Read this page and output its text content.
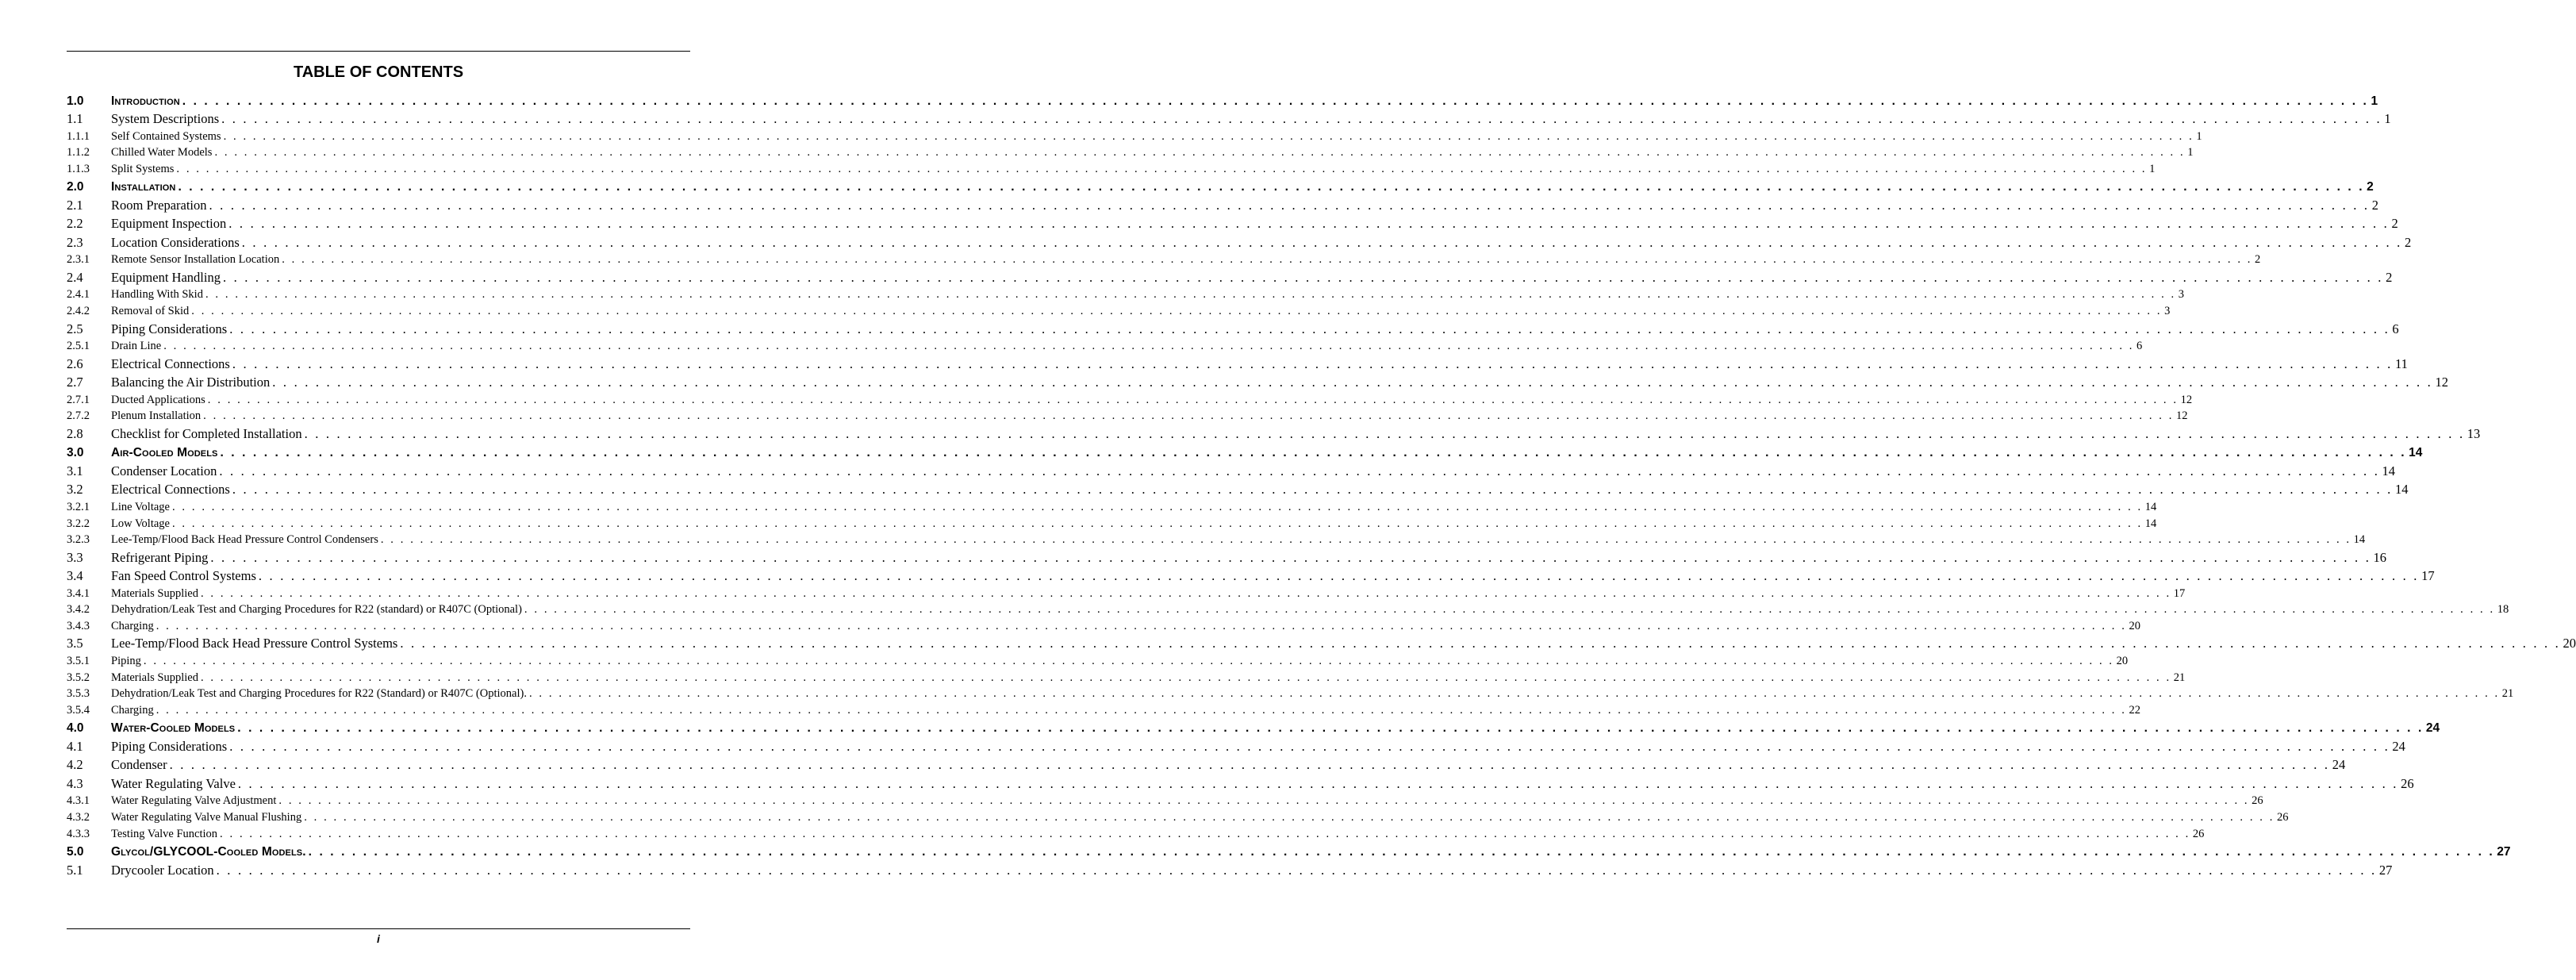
TABLE OF CONTENTS
1.0	Introduction . . . . . . . . . . . . . . . . . . . . . . . . . . . . . . . . . . . . . . . . . . . . . . . . . . . . . . . . . . . . . . . . . . . . . . . . . . . . . . . . . . . . . . . . . . . . . . . . . . . . . . . . . . . . . . . . . . . . . . . . . . . . . . . . . . . . . . . . . . . . . . . . . . . . . . . . . . . . . . . . . . . . . . . . . . . . . . . . . . . . . . . . . . . . . . . . . . . . . . . . 1
1.1	System Descriptions . . . . . . . . . . . . . . . . . . . . . . . . . . . . . . . . . . . . . . . . . . . . . . . . . . . . . . . . . . . . . . . . . . . . . . . . . . . . . . . . . . . . . . . . . . . . . . . . . . . . . . . . . . . . . . . . . . . . . . . . . . . . . . . . . . . . . . . . . . . . . . . . . . . . . . . . . . . . . . . . . . . . . . . . . . . . . . . . . . . . . . . . . . . . . . . . . . . . . . . . 1
1.1.1	Self Contained Systems . . . . . . . . . . . . . . . . . . . . . . . . . . . . . . . . . . . . . . . . . . . . . . . . . . . . . . . . . . . . . . . . . . . . . . . . . . . . . . . . . . . . . . . . . . . . . . . . . . . . . . . . . . . . . . . . . . . . . . . . . . . . . . . . . . . . . . . . . . . . . . . . . . . . . . . . . . . . . . . . . . . . . . . . . . . . . . . . . . . . . . . . . . . . . . . . . . . . . . . . 1
1.1.2	Chilled Water Models . . . . . . . . . . . . . . . . . . . . . . . . . . . . . . . . . . . . . . . . . . . . . . . . . . . . . . . . . . . . . . . . . . . . . . . . . . . . . . . . . . . . . . . . . . . . . . . . . . . . . . . . . . . . . . . . . . . . . . . . . . . . . . . . . . . . . . . . . . . . . . . . . . . . . . . . . . . . . . . . . . . . . . . . . . . . . . . . . . . . . . . . . . . . . . . . . . . . . . . . 1
1.1.3	Split Systems . . . . . . . . . . . . . . . . . . . . . . . . . . . . . . . . . . . . . . . . . . . . . . . . . . . . . . . . . . . . . . . . . . . . . . . . . . . . . . . . . . . . . . . . . . . . . . . . . . . . . . . . . . . . . . . . . . . . . . . . . . . . . . . . . . . . . . . . . . . . . . . . . . . . . . . . . . . . . . . . . . . . . . . . . . . . . . . . . . . . . . . . . . . . . . . . . . . . . . . . 1
2.0	Installation . . . . . . . . . . . . . . . . . . . . . . . . . . . . . . . . . . . . . . . . . . . . . . . . . . . . . . . . . . . . . . . . . . . . . . . . . . . . . . . . . . . . . . . . . . . . . . . . . . . . . . . . . . . . . . . . . . . . . . . . . . . . . . . . . . . . . . . . . . . . . . . . . . . . . . . . . . . . . . . . . . . . . . . . . . . . . . . . . . . . . . . . . . . . . . . . . . . . . . . . 2
2.1	Room Preparation . . . . . . . . . . . . . . . . . . . . . . . . . . . . . . . . . . . . . . . . . . . . . . . . . . . . . . . . . . . . . . . . . . . . . . . . . . . . . . . . . . . . . . . . . . . . . . . . . . . . . . . . . . . . . . . . . . . . . . . . . . . . . . . . . . . . . . . . . . . . . . . . . . . . . . . . . . . . . . . . . . . . . . . . . . . . . . . . . . . . . . . . . . . . . . . . . . . . . . . . 2
2.2	Equipment Inspection . . . . . . . . . . . . . . . . . . . . . . . . . . . . . . . . . . . . . . . . . . . . . . . . . . . . . . . . . . . . . . . . . . . . . . . . . . . . . . . . . . . . . . . . . . . . . . . . . . . . . . . . . . . . . . . . . . . . . . . . . . . . . . . . . . . . . . . . . . . . . . . . . . . . . . . . . . . . . . . . . . . . . . . . . . . . . . . . . . . . . . . . . . . . . . . . . . . . . . . . 2
2.3	Location Considerations . . . . . . . . . . . . . . . . . . . . . . . . . . . . . . . . . . . . . . . . . . . . . . . . . . . . . . . . . . . . . . . . . . . . . . . . . . . . . . . . . . . . . . . . . . . . . . . . . . . . . . . . . . . . . . . . . . . . . . . . . . . . . . . . . . . . . . . . . . . . . . . . . . . . . . . . . . . . . . . . . . . . . . . . . . . . . . . . . . . . . . . . . . . . . . . . . . . . . . . . 2
2.3.1	Remote Sensor Installation Location . . . . . . . . . . . . . . . . . . . . . . . . . . . . . . . . . . . . . . . . . . . . . . . . . . . . . . . . . . . . . . . . . . . . . . . . . . . . . . . . . . . . . . . . . . . . . . . . . . . . . . . . . . . . . . . . . . . . . . . . . . . . . . . . . . . . . . . . . . . . . . . . . . . . . . . . . . . . . . . . . . . . . . . . . . . . . . . . . . . . . . . . . . . . . . . . . . . . . . . . 2
2.4	Equipment Handling . . . . . . . . . . . . . . . . . . . . . . . . . . . . . . . . . . . . . . . . . . . . . . . . . . . . . . . . . . . . . . . . . . . . . . . . . . . . . . . . . . . . . . . . . . . . . . . . . . . . . . . . . . . . . . . . . . . . . . . . . . . . . . . . . . . . . . . . . . . . . . . . . . . . . . . . . . . . . . . . . . . . . . . . . . . . . . . . . . . . . . . . . . . . . . . . . . . . . . . . 2
2.4.1	Handling With Skid . . . . . . . . . . . . . . . . . . . . . . . . . . . . . . . . . . . . . . . . . . . . . . . . . . . . . . . . . . . . . . . . . . . . . . . . . . . . . . . . . . . . . . . . . . . . . . . . . . . . . . . . . . . . . . . . . . . . . . . . . . . . . . . . . . . . . . . . . . . . . . . . . . . . . . . . . . . . . . . . . . . . . . . . . . . . . . . . . . . . . . . . . . . . . . . . . . . . . . . . 3
2.4.2	Removal of Skid . . . . . . . . . . . . . . . . . . . . . . . . . . . . . . . . . . . . . . . . . . . . . . . . . . . . . . . . . . . . . . . . . . . . . . . . . . . . . . . . . . . . . . . . . . . . . . . . . . . . . . . . . . . . . . . . . . . . . . . . . . . . . . . . . . . . . . . . . . . . . . . . . . . . . . . . . . . . . . . . . . . . . . . . . . . . . . . . . . . . . . . . . . . . . . . . . . . . . . . . 3
2.5	Piping Considerations . . . . . . . . . . . . . . . . . . . . . . . . . . . . . . . . . . . . . . . . . . . . . . . . . . . . . . . . . . . . . . . . . . . . . . . . . . . . . . . . . . . . . . . . . . . . . . . . . . . . . . . . . . . . . . . . . . . . . . . . . . . . . . . . . . . . . . . . . . . . . . . . . . . . . . . . . . . . . . . . . . . . . . . . . . . . . . . . . . . . . . . . . . . . . . . . . . . . . . . . 6
2.5.1	Drain Line . . . . . . . . . . . . . . . . . . . . . . . . . . . . . . . . . . . . . . . . . . . . . . . . . . . . . . . . . . . . . . . . . . . . . . . . . . . . . . . . . . . . . . . . . . . . . . . . . . . . . . . . . . . . . . . . . . . . . . . . . . . . . . . . . . . . . . . . . . . . . . . . . . . . . . . . . . . . . . . . . . . . . . . . . . . . . . . . . . . . . . . . . . . . . . . . . . . . . . . . 6
2.6	Electrical Connections . . . . . . . . . . . . . . . . . . . . . . . . . . . . . . . . . . . . . . . . . . . . . . . . . . . . . . . . . . . . . . . . . . . . . . . . . . . . . . . . . . . . . . . . . . . . . . . . . . . . . . . . . . . . . . . . . . . . . . . . . . . . . . . . . . . . . . . . . . . . . . . . . . . . . . . . . . . . . . . . . . . . . . . . . . . . . . . . . . . . . . . . . . . . . . . . . . . . . . . . 11
2.7	Balancing the Air Distribution . . . . . . . . . . . . . . . . . . . . . . . . . . . . . . . . . . . . . . . . . . . . . . . . . . . . . . . . . . . . . . . . . . . . . . . . . . . . . . . . . . . . . . . . . . . . . . . . . . . . . . . . . . . . . . . . . . . . . . . . . . . . . . . . . . . . . . . . . . . . . . . . . . . . . . . . . . . . . . . . . . . . . . . . . . . . . . . . . . . . . . . . . . . . . . . . . . . . . . . . 12
2.7.1	Ducted Applications . . . . . . . . . . . . . . . . . . . . . . . . . . . . . . . . . . . . . . . . . . . . . . . . . . . . . . . . . . . . . . . . . . . . . . . . . . . . . . . . . . . . . . . . . . . . . . . . . . . . . . . . . . . . . . . . . . . . . . . . . . . . . . . . . . . . . . . . . . . . . . . . . . . . . . . . . . . . . . . . . . . . . . . . . . . . . . . . . . . . . . . . . . . . . . . . . . . . . . . . 12
2.7.2	Plenum Installation . . . . . . . . . . . . . . . . . . . . . . . . . . . . . . . . . . . . . . . . . . . . . . . . . . . . . . . . . . . . . . . . . . . . . . . . . . . . . . . . . . . . . . . . . . . . . . . . . . . . . . . . . . . . . . . . . . . . . . . . . . . . . . . . . . . . . . . . . . . . . . . . . . . . . . . . . . . . . . . . . . . . . . . . . . . . . . . . . . . . . . . . . . . . . . . . . . . . . . . . 12
2.8	Checklist for Completed Installation . . . . . . . . . . . . . . . . . . . . . . . . . . . . . . . . . . . . . . . . . . . . . . . . . . . . . . . . . . . . . . . . . . . . . . . . . . . . . . . . . . . . . . . . . . . . . . . . . . . . . . . . . . . . . . . . . . . . . . . . . . . . . . . . . . . . . . . . . . . . . . . . . . . . . . . . . . . . . . . . . . . . . . . . . . . . . . . . . . . . . . . . . . . . . . . . . . . . . . . . 13
3.0	Air-Cooled Models . . . . . . . . . . . . . . . . . . . . . . . . . . . . . . . . . . . . . . . . . . . . . . . . . . . . . . . . . . . . . . . . . . . . . . . . . . . . . . . . . . . . . . . . . . . . . . . . . . . . . . . . . . . . . . . . . . . . . . . . . . . . . . . . . . . . . . . . . . . . . . . . . . . . . . . . . . . . . . . . . . . . . . . . . . . . . . . . . . . . . . . . . . . . . . . . . . . . . . . . 14
3.1	Condenser Location . . . . . . . . . . . . . . . . . . . . . . . . . . . . . . . . . . . . . . . . . . . . . . . . . . . . . . . . . . . . . . . . . . . . . . . . . . . . . . . . . . . . . . . . . . . . . . . . . . . . . . . . . . . . . . . . . . . . . . . . . . . . . . . . . . . . . . . . . . . . . . . . . . . . . . . . . . . . . . . . . . . . . . . . . . . . . . . . . . . . . . . . . . . . . . . . . . . . . . . . 14
3.2	Electrical Connections . . . . . . . . . . . . . . . . . . . . . . . . . . . . . . . . . . . . . . . . . . . . . . . . . . . . . . . . . . . . . . . . . . . . . . . . . . . . . . . . . . . . . . . . . . . . . . . . . . . . . . . . . . . . . . . . . . . . . . . . . . . . . . . . . . . . . . . . . . . . . . . . . . . . . . . . . . . . . . . . . . . . . . . . . . . . . . . . . . . . . . . . . . . . . . . . . . . . . . . . 14
3.2.1	Line Voltage . . . . . . . . . . . . . . . . . . . . . . . . . . . . . . . . . . . . . . . . . . . . . . . . . . . . . . . . . . . . . . . . . . . . . . . . . . . . . . . . . . . . . . . . . . . . . . . . . . . . . . . . . . . . . . . . . . . . . . . . . . . . . . . . . . . . . . . . . . . . . . . . . . . . . . . . . . . . . . . . . . . . . . . . . . . . . . . . . . . . . . . . . . . . . . . . . . . . . . . . 14
3.2.2	Low Voltage . . . . . . . . . . . . . . . . . . . . . . . . . . . . . . . . . . . . . . . . . . . . . . . . . . . . . . . . . . . . . . . . . . . . . . . . . . . . . . . . . . . . . . . . . . . . . . . . . . . . . . . . . . . . . . . . . . . . . . . . . . . . . . . . . . . . . . . . . . . . . . . . . . . . . . . . . . . . . . . . . . . . . . . . . . . . . . . . . . . . . . . . . . . . . . . . . . . . . . . . 14
3.2.3	Lee-Temp/Flood Back Head Pressure Control Condensers . . . . . . . . . . . . . . . . . . . . . . . . . . . . . . . . . . . . . . . . . . . . . . . . . . . . . . . . . . . . . . . . . . . . . . . . . . . . . . . . . . . . . . . . . . . . . . . . . . . . . . . . . . . . . . . . . . . . . . . . . . . . . . . . . . . . . . . . . . . . . . . . . . . . . . . . . . . . . . . . . . . . . . . . . . . . . . . . . . . . . . . . . . . . . . . . . . . . . . . . 14
3.3	Refrigerant Piping . . . . . . . . . . . . . . . . . . . . . . . . . . . . . . . . . . . . . . . . . . . . . . . . . . . . . . . . . . . . . . . . . . . . . . . . . . . . . . . . . . . . . . . . . . . . . . . . . . . . . . . . . . . . . . . . . . . . . . . . . . . . . . . . . . . . . . . . . . . . . . . . . . . . . . . . . . . . . . . . . . . . . . . . . . . . . . . . . . . . . . . . . . . . . . . . . . . . . . . . 16
3.4	Fan Speed Control Systems . . . . . . . . . . . . . . . . . . . . . . . . . . . . . . . . . . . . . . . . . . . . . . . . . . . . . . . . . . . . . . . . . . . . . . . . . . . . . . . . . . . . . . . . . . . . . . . . . . . . . . . . . . . . . . . . . . . . . . . . . . . . . . . . . . . . . . . . . . . . . . . . . . . . . . . . . . . . . . . . . . . . . . . . . . . . . . . . . . . . . . . . . . . . . . . . . . . . . . . . 17
3.4.1	Materials Supplied . . . . . . . . . . . . . . . . . . . . . . . . . . . . . . . . . . . . . . . . . . . . . . . . . . . . . . . . . . . . . . . . . . . . . . . . . . . . . . . . . . . . . . . . . . . . . . . . . . . . . . . . . . . . . . . . . . . . . . . . . . . . . . . . . . . . . . . . . . . . . . . . . . . . . . . . . . . . . . . . . . . . . . . . . . . . . . . . . . . . . . . . . . . . . . . . . . . . . . . . 17
3.4.2	Dehydration/Leak Test and Charging Procedures for R22 (standard) or R407C (Optional) . . . . . . . . . . . . . . . . . . . . . . . . . . . . . . . . . . . . . . . . . . . . . . . . . . . . . . . . . . . . . . . . . . . . . . . . . . . . . . . . . . . . . . . . . . . . . . . . . . . . . . . . . . . . . . . . . . . . . . . . . . . . . . . . . . . . . . . . . . . . . . . . . . . . . . . . . . . . . . . . . . . . . . . . . . . . . . . . . . . . . . . . . . . . . . . . . . . . . . . . 18
3.4.3	Charging . . . . . . . . . . . . . . . . . . . . . . . . . . . . . . . . . . . . . . . . . . . . . . . . . . . . . . . . . . . . . . . . . . . . . . . . . . . . . . . . . . . . . . . . . . . . . . . . . . . . . . . . . . . . . . . . . . . . . . . . . . . . . . . . . . . . . . . . . . . . . . . . . . . . . . . . . . . . . . . . . . . . . . . . . . . . . . . . . . . . . . . . . . . . . . . . . . . . . . . . 20
3.5	Lee-Temp/Flood Back Head Pressure Control Systems . . . . . . . . . . . . . . . . . . . . . . . . . . . . . . . . . . . . . . . . . . . . . . . . . . . . . . . . . . . . . . . . . . . . . . . . . . . . . . . . . . . . . . . . . . . . . . . . . . . . . . . . . . . . . . . . . . . . . . . . . . . . . . . . . . . . . . . . . . . . . . . . . . . . . . . . . . . . . . . . . . . . . . . . . . . . . . . . . . . . . . . . . . . . . . . . . . . . . . . . 20
3.5.1	Piping . . . . . . . . . . . . . . . . . . . . . . . . . . . . . . . . . . . . . . . . . . . . . . . . . . . . . . . . . . . . . . . . . . . . . . . . . . . . . . . . . . . . . . . . . . . . . . . . . . . . . . . . . . . . . . . . . . . . . . . . . . . . . . . . . . . . . . . . . . . . . . . . . . . . . . . . . . . . . . . . . . . . . . . . . . . . . . . . . . . . . . . . . . . . . . . . . . . . . . . . 20
3.5.2	Materials Supplied . . . . . . . . . . . . . . . . . . . . . . . . . . . . . . . . . . . . . . . . . . . . . . . . . . . . . . . . . . . . . . . . . . . . . . . . . . . . . . . . . . . . . . . . . . . . . . . . . . . . . . . . . . . . . . . . . . . . . . . . . . . . . . . . . . . . . . . . . . . . . . . . . . . . . . . . . . . . . . . . . . . . . . . . . . . . . . . . . . . . . . . . . . . . . . . . . . . . . . . . 21
3.5.3	Dehydration/Leak Test and Charging Procedures for R22 (Standard) or R407C (Optional). . . . . . . . . . . . . . . . . . . . . . . . . . . . . . . . . . . . . . . . . . . . . . . . . . . . . . . . . . . . . . . . . . . . . . . . . . . . . . . . . . . . . . . . . . . . . . . . . . . . . . . . . . . . . . . . . . . . . . . . . . . . . . . . . . . . . . . . . . . . . . . . . . . . . . . . . . . . . . . . . . . . . . . . . . . . . . . . . . . . . . . . . . . . . . . . . . . . . . . . . 21
3.5.4	Charging . . . . . . . . . . . . . . . . . . . . . . . . . . . . . . . . . . . . . . . . . . . . . . . . . . . . . . . . . . . . . . . . . . . . . . . . . . . . . . . . . . . . . . . . . . . . . . . . . . . . . . . . . . . . . . . . . . . . . . . . . . . . . . . . . . . . . . . . . . . . . . . . . . . . . . . . . . . . . . . . . . . . . . . . . . . . . . . . . . . . . . . . . . . . . . . . . . . . . . . . 22
4.0	Water-Cooled Models . . . . . . . . . . . . . . . . . . . . . . . . . . . . . . . . . . . . . . . . . . . . . . . . . . . . . . . . . . . . . . . . . . . . . . . . . . . . . . . . . . . . . . . . . . . . . . . . . . . . . . . . . . . . . . . . . . . . . . . . . . . . . . . . . . . . . . . . . . . . . . . . . . . . . . . . . . . . . . . . . . . . . . . . . . . . . . . . . . . . . . . . . . . . . . . . . . . . . . . . 24
4.1	Piping Considerations . . . . . . . . . . . . . . . . . . . . . . . . . . . . . . . . . . . . . . . . . . . . . . . . . . . . . . . . . . . . . . . . . . . . . . . . . . . . . . . . . . . . . . . . . . . . . . . . . . . . . . . . . . . . . . . . . . . . . . . . . . . . . . . . . . . . . . . . . . . . . . . . . . . . . . . . . . . . . . . . . . . . . . . . . . . . . . . . . . . . . . . . . . . . . . . . . . . . . . . . 24
4.2	Condenser . . . . . . . . . . . . . . . . . . . . . . . . . . . . . . . . . . . . . . . . . . . . . . . . . . . . . . . . . . . . . . . . . . . . . . . . . . . . . . . . . . . . . . . . . . . . . . . . . . . . . . . . . . . . . . . . . . . . . . . . . . . . . . . . . . . . . . . . . . . . . . . . . . . . . . . . . . . . . . . . . . . . . . . . . . . . . . . . . . . . . . . . . . . . . . . . . . . . . . . . 24
4.3	Water Regulating Valve . . . . . . . . . . . . . . . . . . . . . . . . . . . . . . . . . . . . . . . . . . . . . . . . . . . . . . . . . . . . . . . . . . . . . . . . . . . . . . . . . . . . . . . . . . . . . . . . . . . . . . . . . . . . . . . . . . . . . . . . . . . . . . . . . . . . . . . . . . . . . . . . . . . . . . . . . . . . . . . . . . . . . . . . . . . . . . . . . . . . . . . . . . . . . . . . . . . . . . . . 26
4.3.1	Water Regulating Valve Adjustment . . . . . . . . . . . . . . . . . . . . . . . . . . . . . . . . . . . . . . . . . . . . . . . . . . . . . . . . . . . . . . . . . . . . . . . . . . . . . . . . . . . . . . . . . . . . . . . . . . . . . . . . . . . . . . . . . . . . . . . . . . . . . . . . . . . . . . . . . . . . . . . . . . . . . . . . . . . . . . . . . . . . . . . . . . . . . . . . . . . . . . . . . . . . . . . . . . . . . . . . 26
4.3.2	Water Regulating Valve Manual Flushing . . . . . . . . . . . . . . . . . . . . . . . . . . . . . . . . . . . . . . . . . . . . . . . . . . . . . . . . . . . . . . . . . . . . . . . . . . . . . . . . . . . . . . . . . . . . . . . . . . . . . . . . . . . . . . . . . . . . . . . . . . . . . . . . . . . . . . . . . . . . . . . . . . . . . . . . . . . . . . . . . . . . . . . . . . . . . . . . . . . . . . . . . . . . . . . . . . . . . . . . 26
4.3.3	Testing Valve Function . . . . . . . . . . . . . . . . . . . . . . . . . . . . . . . . . . . . . . . . . . . . . . . . . . . . . . . . . . . . . . . . . . . . . . . . . . . . . . . . . . . . . . . . . . . . . . . . . . . . . . . . . . . . . . . . . . . . . . . . . . . . . . . . . . . . . . . . . . . . . . . . . . . . . . . . . . . . . . . . . . . . . . . . . . . . . . . . . . . . . . . . . . . . . . . . . . . . . . . . 26
5.0	Glycol/GLYCOOL-Cooled Models. . . . . . . . . . . . . . . . . . . . . . . . . . . . . . . . . . . . . . . . . . . . . . . . . . . . . . . . . . . . . . . . . . . . . . . . . . . . . . . . . . . . . . . . . . . . . . . . . . . . . . . . . . . . . . . . . . . . . . . . . . . . . . . . . . . . . . . . . . . . . . . . . . . . . . . . . . . . . . . . . . . . . . . . . . . . . . . . . . . . . . . . . . . . . . . . . . . . . . . . . 27
5.1	Drycooler Location . . . . . . . . . . . . . . . . . . . . . . . . . . . . . . . . . . . . . . . . . . . . . . . . . . . . . . . . . . . . . . . . . . . . . . . . . . . . . . . . . . . . . . . . . . . . . . . . . . . . . . . . . . . . . . . . . . . . . . . . . . . . . . . . . . . . . . . . . . . . . . . . . . . . . . . . . . . . . . . . . . . . . . . . . . . . . . . . . . . . . . . . . . . . . . . . . . . . . . . . 27
i
